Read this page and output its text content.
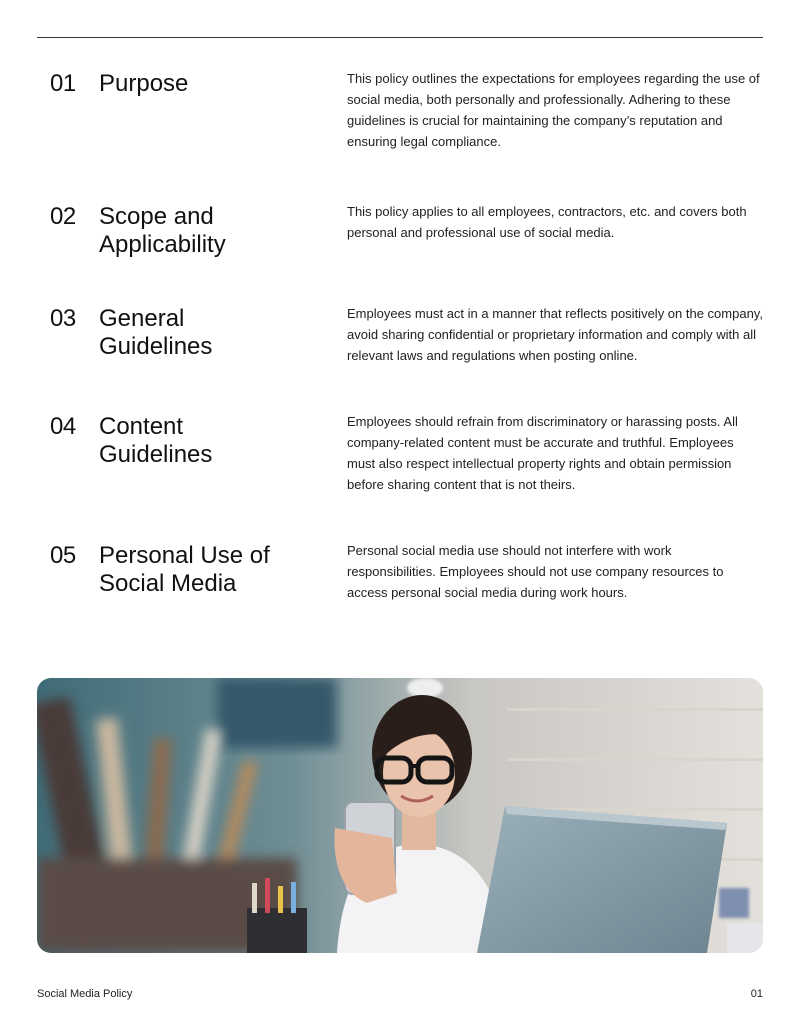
01 Purpose	This policy outlines the expectations for employees regarding the use of social media, both personally and professionally. Adhering to these guidelines is crucial for maintaining the company’s reputation and ensuring legal compliance.
02 Scope and Applicability
This policy applies to all employees, contractors, etc. and covers both personal and professional use of social media.
03 General Guidelines
Employees must act in a manner that reflects positively on the company, avoid sharing confidential or proprietary information and comply with all relevant laws and regulations when posting online.
04 Content Guidelines
Employees should refrain from discriminatory or harassing posts. All company-related content must be accurate and truthful. Employees must also respect intellectual property rights and obtain permission before sharing content that is not theirs.
05 Personal Use of Social Media
Personal social media use should not interfere with work responsibilities. Employees should not use company resources to access personal social media during work hours.
Social Media Policy	01
